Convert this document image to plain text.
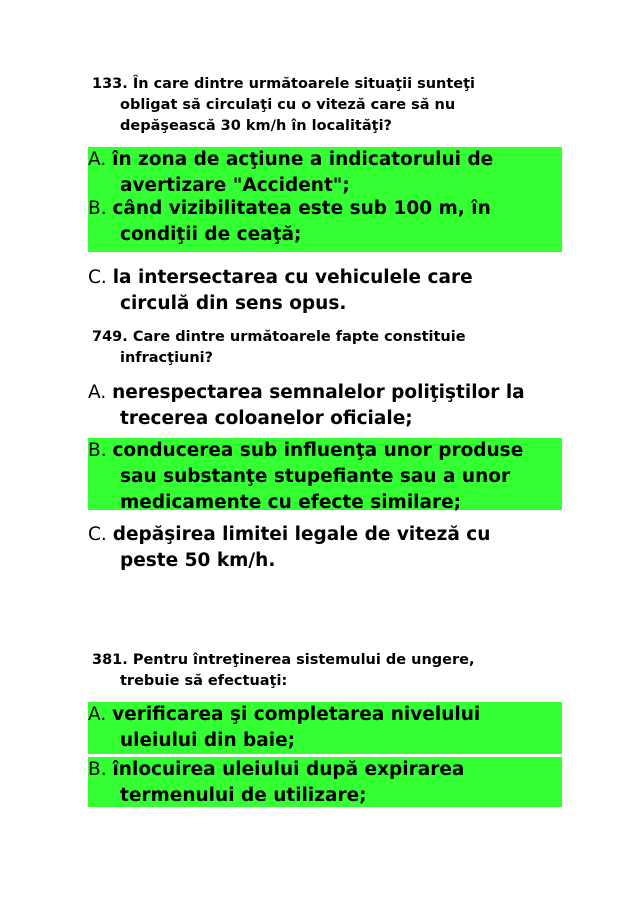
133. În care dintre următoarele situaţii sunteţi
obligat să circulaţi cu o viteză care să nu
depăşească 30 km/h în localităţi?
A. în zona de acţiune a indicatorului de
avertizare "Accident";
B. când vizibilitatea este sub 100 m, în
condiţii de ceaţă;
C. la intersectarea cu vehiculele care
circulă din sens opus.
749. Care dintre următoarele fapte constituie
infracţiuni?
A. nerespectarea semnalelor poliţiştilor la
trecerea coloanelor oficiale;
B. conducerea sub influenţa unor produse
sau substanţe stupefiante sau a unor
medicamente cu efecte similare;
C. depăşirea limitei legale de viteză cu
peste 50 km/h.
381. Pentru întreţinerea sistemului de ungere,
trebuie să efectuaţi:
A. verificarea şi completarea nivelului
uleiului din baie;
B. înlocuirea uleiului după expirarea
termenului de utilizare;
